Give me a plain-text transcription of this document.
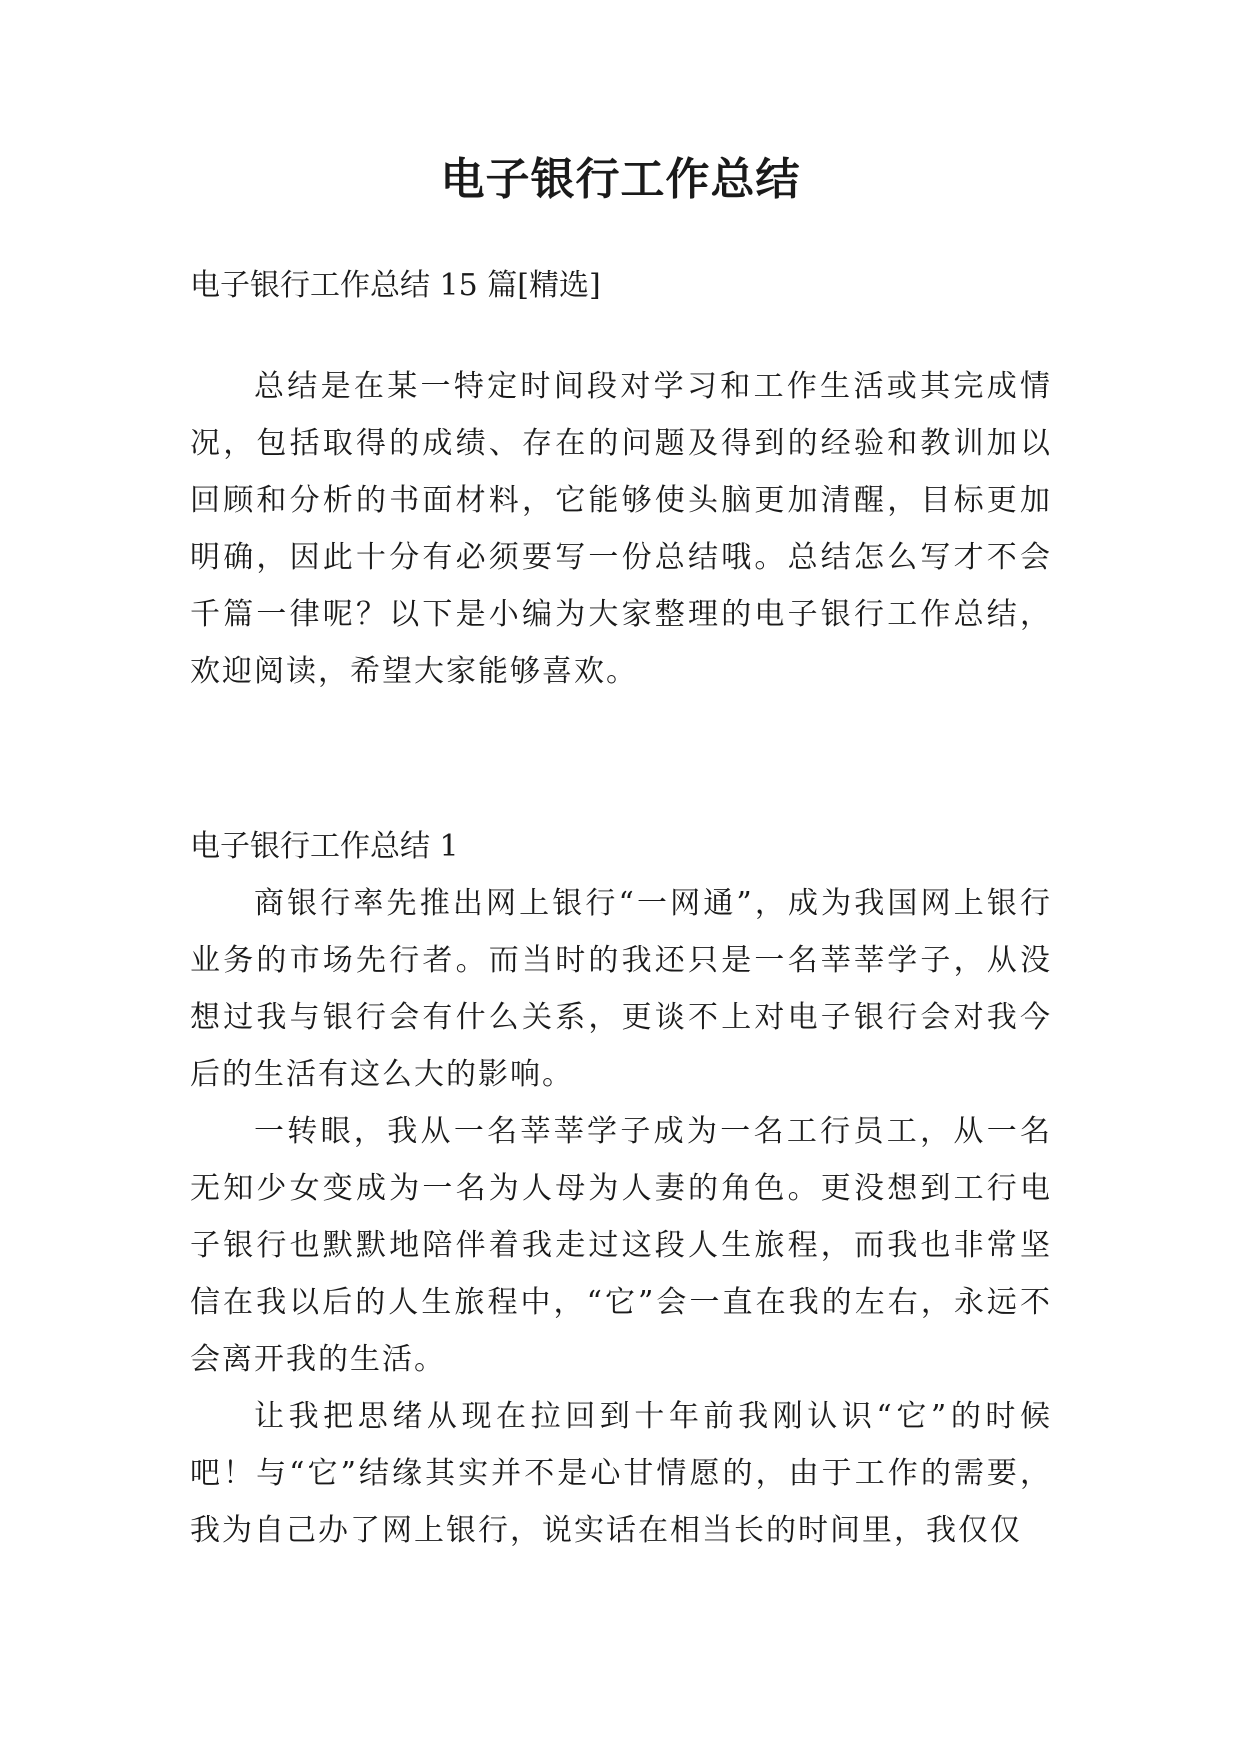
电子银行工作总结

电子银行工作总结 15 篇[精选]

总结是在某一特定时间段对学习和工作生活或其完成情况，包括取得的成绩、存在的问题及得到的经验和教训加以回顾和分析的书面材料，它能够使头脑更加清醒，目标更加明确，因此十分有必须要写一份总结哦。总结怎么写才不会千篇一律呢？以下是小编为大家整理的电子银行工作总结，欢迎阅读，希望大家能够喜欢。

电子银行工作总结 1

商银行率先推出网上银行“一网通”，成为我国网上银行业务的市场先行者。而当时的我还只是一名莘莘学子，从没想过我与银行会有什么关系，更谈不上对电子银行会对我今后的生活有这么大的影响。

一转眼，我从一名莘莘学子成为一名工行员工，从一名无知少女变成为一名为人母为人妻的角色。更没想到工行电子银行也默默地陪伴着我走过这段人生旅程，而我也非常坚信在我以后的人生旅程中，“它”会一直在我的左右，永远不会离开我的生活。

让我把思绪从现在拉回到十年前我刚认识“它”的时候吧！与“它”结缘其实并不是心甘情愿的，由于工作的需要，我为自己办了网上银行，说实话在相当长的时间里，我仅仅
